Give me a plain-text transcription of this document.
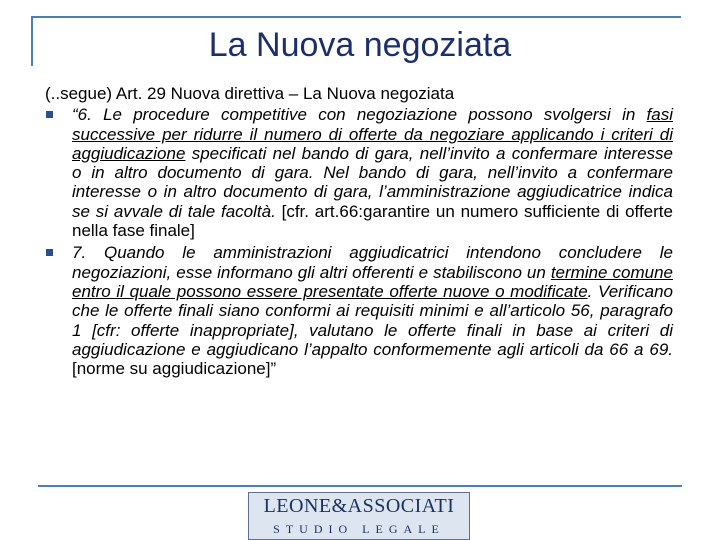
La Nuova negoziata

(..segue) Art. 29 Nuova direttiva – La Nuova negoziata

“6. Le procedure competitive con negoziazione possono svolgersi in fasi successive per ridurre il numero di offerte da negoziare applicando i criteri di aggiudicazione specificati nel bando di gara, nell’invito a confermare interesse o in altro documento di gara. Nel bando di gara, nell’invito a confermare interesse o in altro documento di gara, l’amministrazione aggiudicatrice indica se si avvale di tale facoltà. [cfr. art.66:garantire un numero sufficiente di offerte nella fase finale]
7. Quando le amministrazioni aggiudicatrici intendono concludere le negoziazioni, esse informano gli altri offerenti e stabiliscono un termine comune entro il quale possono essere presentate offerte nuove o modificate. Verificano che le offerte finali siano conformi ai requisiti minimi e all’articolo 56, paragrafo 1 [cfr: offerte inappropriate], valutano le offerte finali in base ai criteri di aggiudicazione e aggiudicano l’appalto conformemente agli articoli da 66 a 69. [norme su aggiudicazione]”
LEONE&ASSOCIATI
STUDIO LEGALE
